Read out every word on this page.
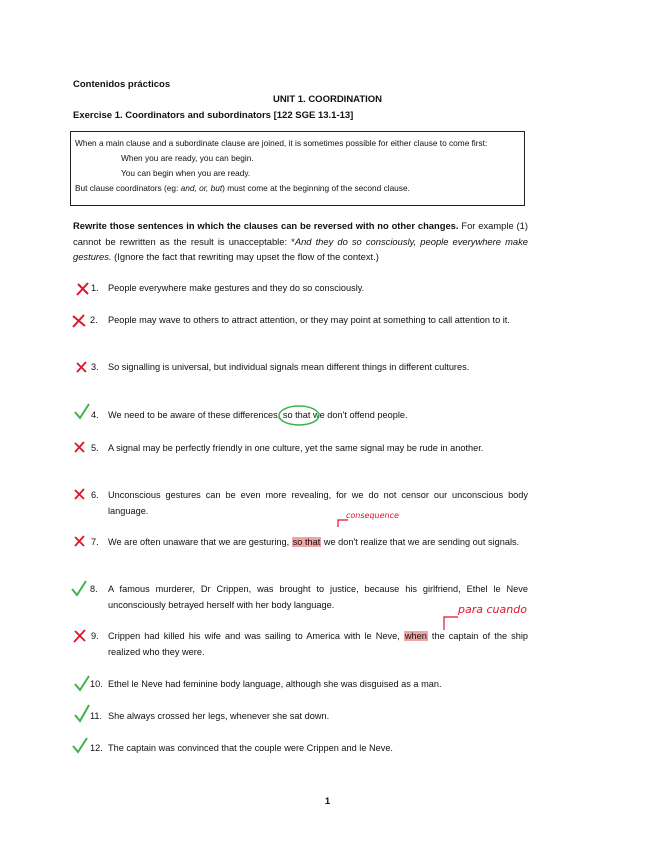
Contenidos prácticos
UNIT 1. COORDINATION
Exercise 1. Coordinators and subordinators [122 SGE 13.1-13]
When a main clause and a subordinate clause are joined, it is sometimes possible for either clause to come first:
When you are ready, you can begin.
You can begin when you are ready.
But clause coordinators (eg: and, or, but) must come at the beginning of the second clause.
Rewrite those sentences in which the clauses can be reversed with no other changes. For example (1) cannot be rewritten as the result is unacceptable: *And they do so consciously, people everywhere make gestures. (Ignore the fact that rewriting may upset the flow of the context.)
1. People everywhere make gestures and they do so consciously.
2. People may wave to others to attract attention, or they may point at something to call attention to it.
3. So signalling is universal, but individual signals mean different things in different cultures.
4. We need to be aware of these differences, so that
we don't offend people.
5. A signal may be perfectly friendly in one culture, yet the same signal may be rude in another.
6. Unconscious gestures can be even more revealing, for we do not censor our unconscious body language.	consequence
7. We are often unaware that we are gesturing, so that we don't realize that we are sending out signals.
8. A famous murderer, Dr Crippen, was brought to justice, because his girlfriend, Ethel le Neve unconsciously betrayed herself with her body language.	para cuando
9. Crippen had killed his wife and was sailing to America with le Neve, when the captain of the ship realized who they were.
10. Ethel le Neve had feminine body language, although she was disguised as a man.
11. She always crossed her legs, whenever she sat down.
12. The captain was convinced that the couple were Crippen and le Neve.
1
